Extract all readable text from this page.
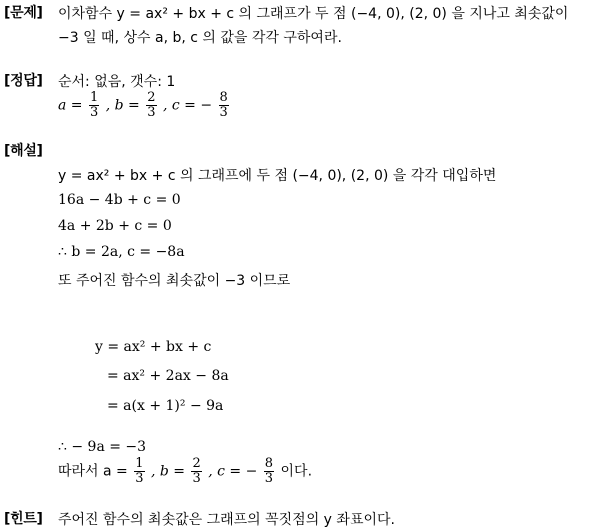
[문제] 이차함수 y = ax² + bx + c 의 그래프가 두 점 (−4, 0), (2, 0) 을 지나고 최솟값이
−3 일 때, 상수 a, b, c 의 값을 각각 구하여라.
[정답] 순서: 없음, 갯수: 1
$a = \frac{1}{3}$ , $b = \frac{2}{3}$ , c = − $\frac{8}{3}$
[해설]
y = ax² + bx + c 의 그래프에 두 점 (−4, 0), (2, 0) 을 각각 대입하면
16a − 4b + c = 0
4a + 2b + c = 0
∴ b = 2a, c = −8a
또 주어진 함수의 최솟값이 −3 이므로
y = ax² + bx + c
= ax² + 2ax − 8a
= a(x + 1)² − 9a
∴ − 9a = −3
따라서 $a = \frac{1}{3}$ , $b = \frac{2}{3}$ , c = − $\frac{8}{3}$ 이다.
[힌트] 주어진 함수의 최솟값은 그래프의 꼭짓점의 y 좌표이다.
